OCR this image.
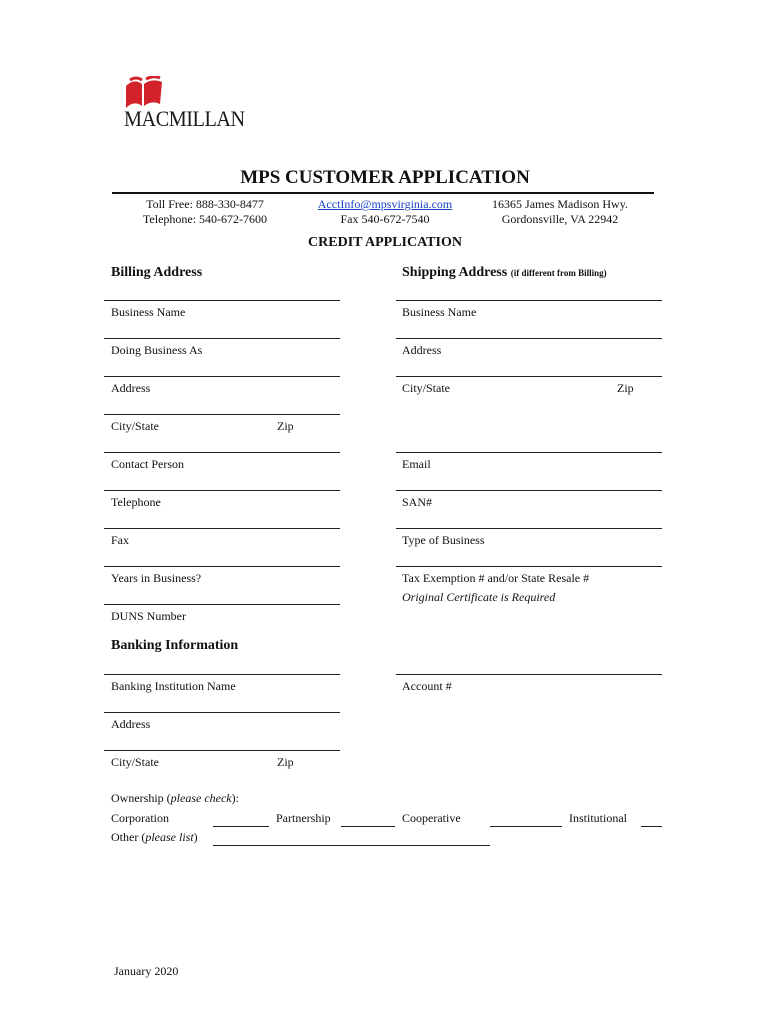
MACMILLAN
MPS CUSTOMER APPLICATION
Toll Free: 888-330-8477
Telephone: 540-672-7600
AcctInfo@mpsvirginia.com
Fax 540-672-7540
16365 James Madison Hwy.
Gordonsville, VA 22942
CREDIT APPLICATION
Billing Address	Shipping Address (if different from Billing)
Business Name
Doing Business As
Address
City/State	Zip
Contact Person
Telephone
Fax
Years in Business?
DUNS Number
Business Name
Address
City/State	Zip
Email
SAN#
Type of Business
Tax Exemption # and/or State Resale #
Original Certificate is Required
Banking Information
Banking Institution Name	Account #
Address
City/State	Zip
Ownership (please check):
Corporation	Partnership	Cooperative	Institutional
Other (please list)
January 2020
